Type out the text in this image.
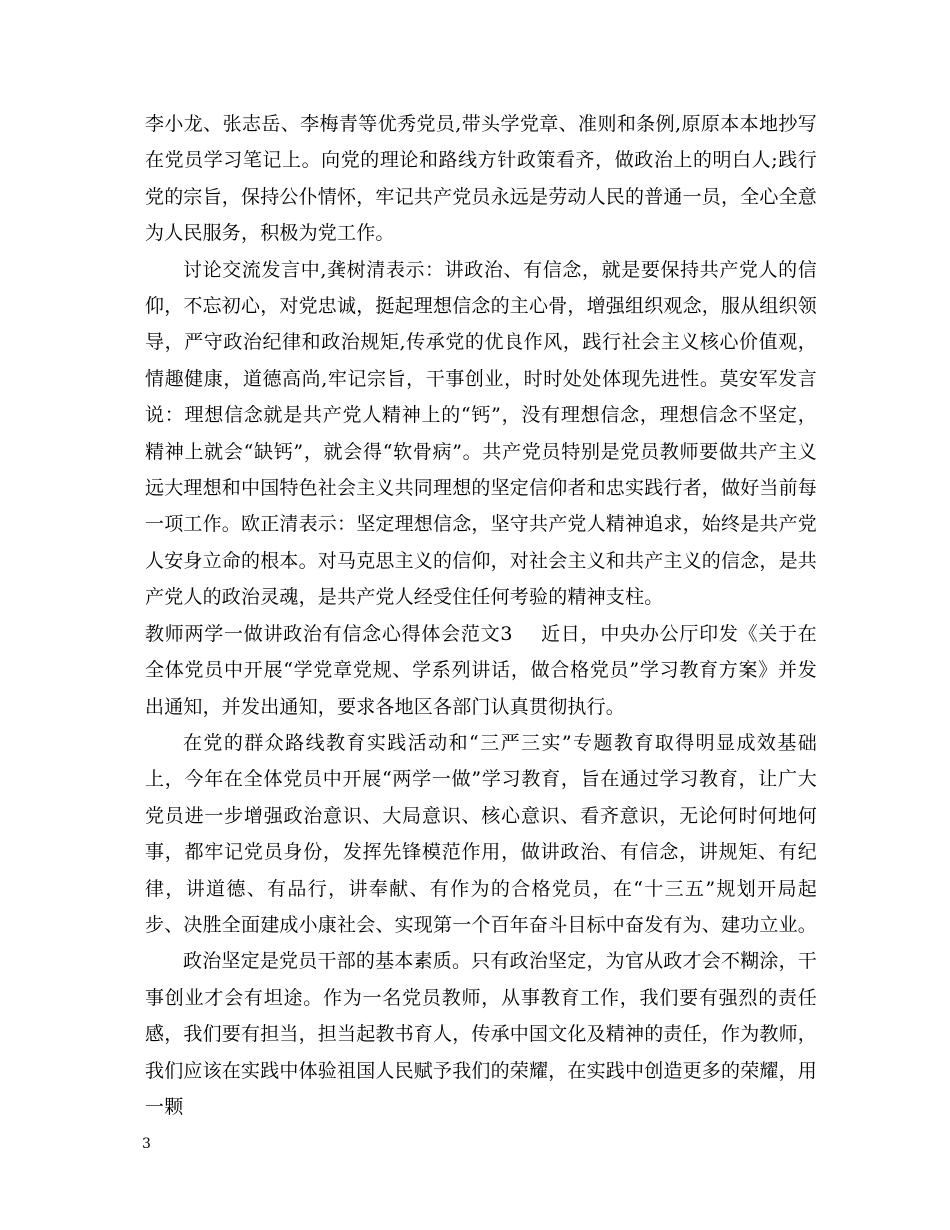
李小龙、张志岳、李梅青等优秀党员,带头学党章、准则和条例,原原本本地抄写在党员学习笔记上。向党的理论和路线方针政策看齐，做政治上的明白人;践行党的宗旨，保持公仆情怀，牢记共产党员永远是劳动人民的普通一员，全心全意为人民服务，积极为党工作。

讨论交流发言中,龚树清表示：讲政治、有信念，就是要保持共产党人的信仰，不忘初心，对党忠诚，挺起理想信念的主心骨，增强组织观念，服从组织领导，严守政治纪律和政治规矩,传承党的优良作风，践行社会主义核心价值观，情趣健康，道德高尚,牢记宗旨，干事创业，时时处处体现先进性。莫安军发言说：理想信念就是共产党人精神上的“钙”，没有理想信念，理想信念不坚定，精神上就会“缺钙”，就会得“软骨病”。共产党员特别是党员教师要做共产主义远大理想和中国特色社会主义共同理想的坚定信仰者和忠实践行者，做好当前每一项工作。欧正清表示：坚定理想信念，坚守共产党人精神追求，始终是共产党人安身立命的根本。对马克思主义的信仰，对社会主义和共产主义的信念，是共产党人的政治灵魂，是共产党人经受住任何考验的精神支柱。

教师两学一做讲政治有信念心得体会范文3 近日，中央办公厅印发《关于在全体党员中开展“学党章党规、学系列讲话，做合格党员”学习教育方案》并发出通知，并发出通知，要求各地区各部门认真贯彻执行。

在党的群众路线教育实践活动和“三严三实”专题教育取得明显成效基础上，今年在全体党员中开展“两学一做”学习教育，旨在通过学习教育，让广大党员进一步增强政治意识、大局意识、核心意识、看齐意识，无论何时何地何事，都牢记党员身份，发挥先锋模范作用，做讲政治、有信念，讲规矩、有纪律，讲道德、有品行，讲奉献、有作为的合格党员，在“十三五”规划开局起步、决胜全面建成小康社会、实现第一个百年奋斗目标中奋发有为、建功立业。

政治坚定是党员干部的基本素质。只有政治坚定，为官从政才会不糊涂，干事创业才会有坦途。作为一名党员教师，从事教育工作，我们要有强烈的责任感，我们要有担当，担当起教书育人，传承中国文化及精神的责任，作为教师，我们应该在实践中体验祖国人民赋予我们的荣耀，在实践中创造更多的荣耀，用一颗

3
